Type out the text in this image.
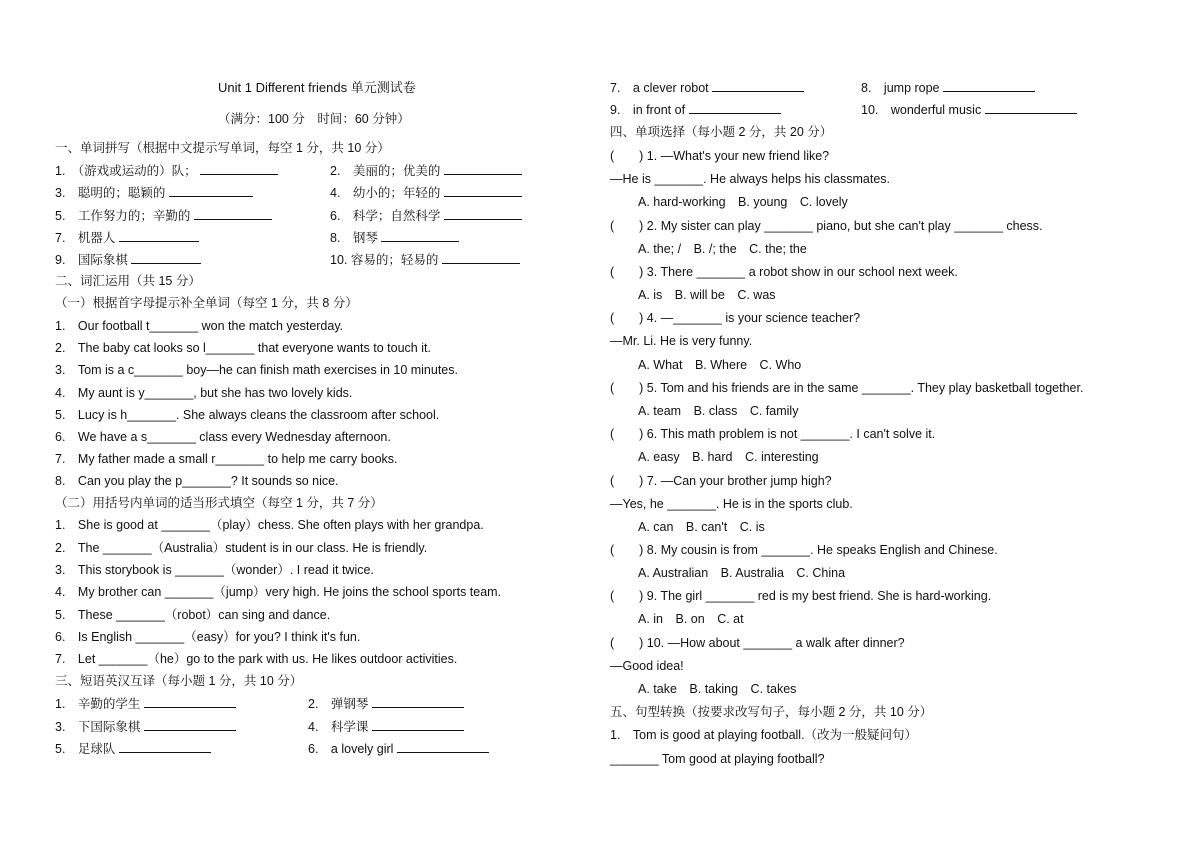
Unit 1 Different friends 单元测试卷
（满分：100 分　时间：60 分钟）
一、单词拼写（根据中文提示写单词，每空 1 分，共 10 分）
1.　（游戏或运动的）队；	2.　美丽的；优美的
3.　聪明的；聪颖的	4.　幼小的；年轻的
5.　工作努力的；辛勤的	6.　科学；自然科学
7.　机器人	8.　钢琴
9.　国际象棋	10. 容易的；轻易的
二、词汇运用（共 15 分）
（一）根据首字母提示补全单词（每空 1 分，共 8 分）
1.　Our football t_______ won the match yesterday.
2.　The baby cat looks so l_______ that everyone wants to touch it.
3.　Tom is a c_______ boy—he can finish math exercises in 10 minutes.
4.　My aunt is y_______, but she has two lovely kids.
5.　Lucy is h_______. She always cleans the classroom after school.
6.　We have a s_______ class every Wednesday afternoon.
7.　My father made a small r_______ to help me carry books.
8.　Can you play the p_______? It sounds so nice.
（二）用括号内单词的适当形式填空（每空 1 分，共 7 分）
1.　She is good at _______（play）chess. She often plays with her grandpa.
2.　The _______（Australia）student is in our class. He is friendly.
3.　This storybook is _______（wonder）. I read it twice.
4.　My brother can _______（jump）very high. He joins the school sports team.
5.　These _______（robot）can sing and dance.
6.　Is English _______（easy）for you? I think it's fun.
7.　Let _______（he）go to the park with us. He likes outdoor activities.
三、短语英汉互译（每小题 1 分，共 10 分）
1.　辛勤的学生	2.　弹钢琴
3.　下国际象棋	4.　科学课
5.　足球队	6.　a lovely girl
7.　a clever robot	8.　jump rope
9.　in front of	10.　wonderful music
四、单项选择（每小题 2 分，共 20 分）
(　　) 1. —What's your new friend like?
—He is _______. He always helps his classmates.
A. hard-working　B. young　C. lovely
(　　) 2. My sister can play _______ piano, but she can't play _______ chess.
A. the; /　B. /; the　C. the; the
(　　) 3. There _______ a robot show in our school next week.
A. is　B. will be　C. was
(　　) 4. —_______ is your science teacher?
—Mr. Li. He is very funny.
A. What　B. Where　C. Who
(　　) 5. Tom and his friends are in the same _______. They play basketball together.
A. team　B. class　C. family
(　　) 6. This math problem is not _______. I can't solve it.
A. easy　B. hard　C. interesting
(　　) 7. —Can your brother jump high?
—Yes, he _______. He is in the sports club.
A. can　B. can't　C. is
(　　) 8. My cousin is from _______. He speaks English and Chinese.
A. Australian　B. Australia　C. China
(　　) 9. The girl _______ red is my best friend. She is hard-working.
A. in　B. on　C. at
(　　) 10. —How about _______ a walk after dinner?
—Good idea!
A. take　B. taking　C. takes
五、句型转换（按要求改写句子，每小题 2 分，共 10 分）
1.　Tom is good at playing football.（改为一般疑问句）
_______ Tom good at playing football?
